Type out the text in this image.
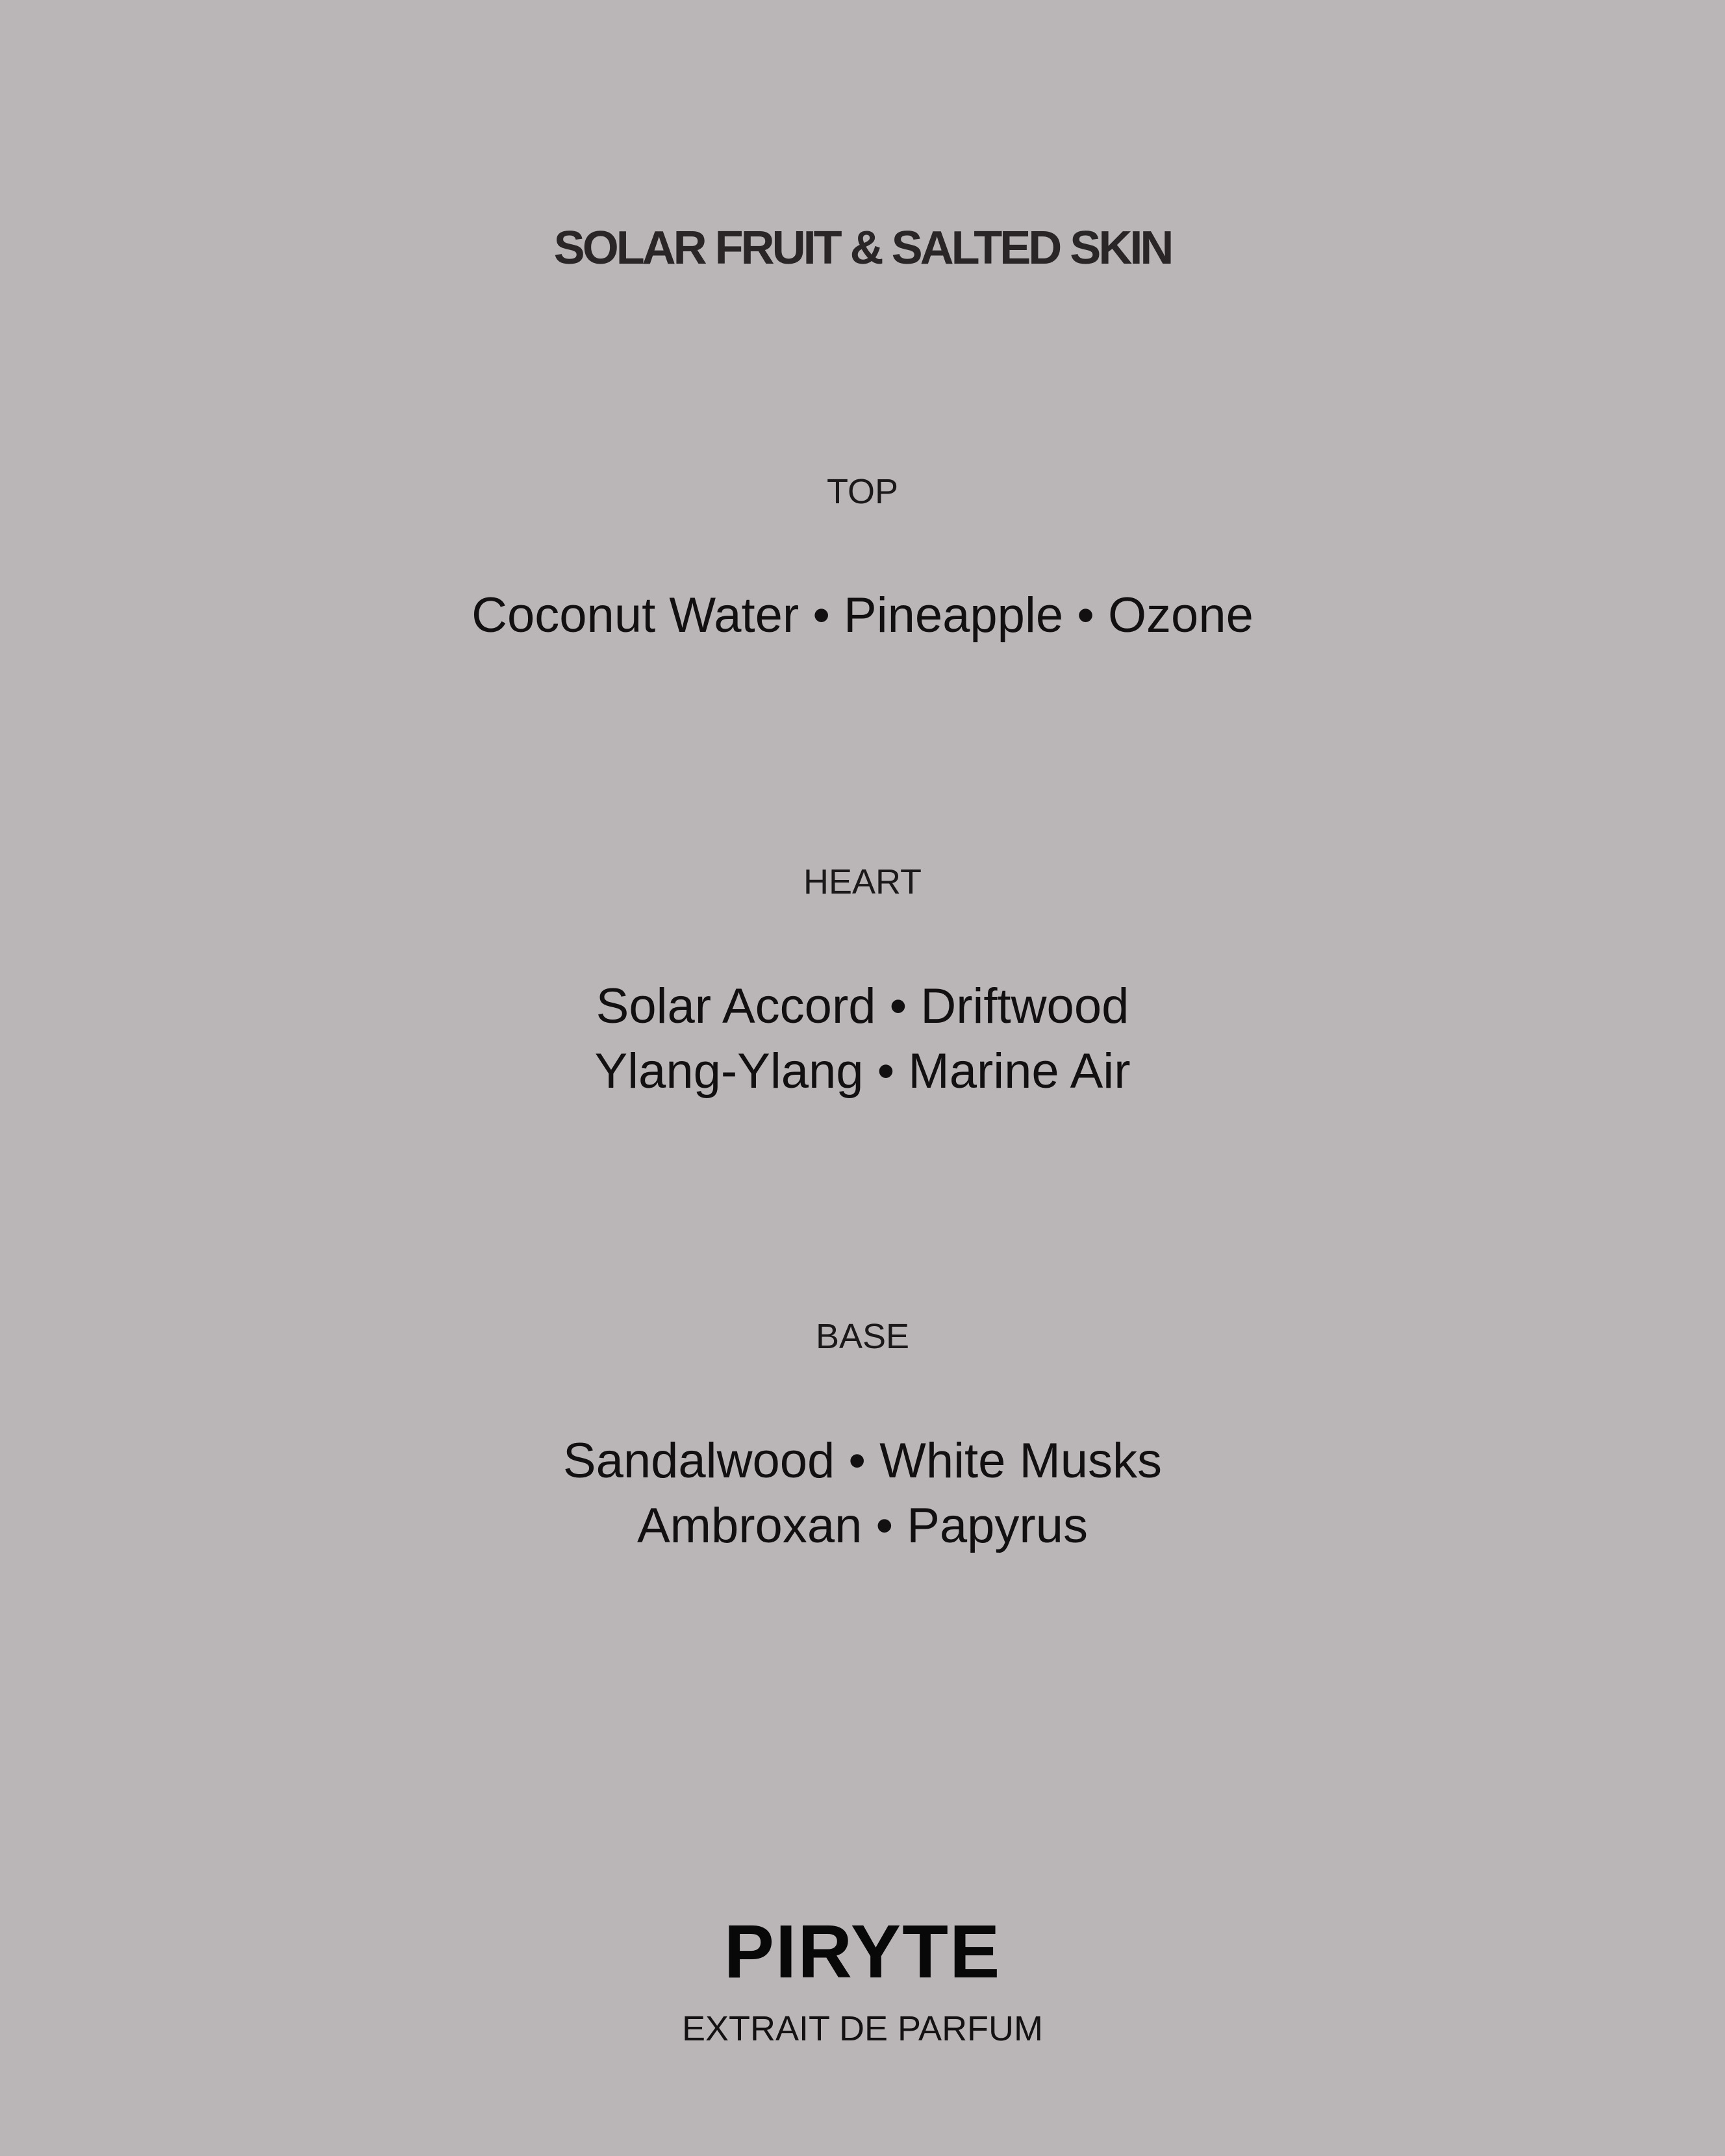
SOLAR FRUIT & SALTED SKIN
TOP
Coconut Water • Pineapple • Ozone
HEART
Solar Accord • Driftwood
Ylang-Ylang • Marine Air
BASE
Sandalwood • White Musks
Ambroxan • Papyrus
PIRYTE
EXTRAIT DE PARFUM
